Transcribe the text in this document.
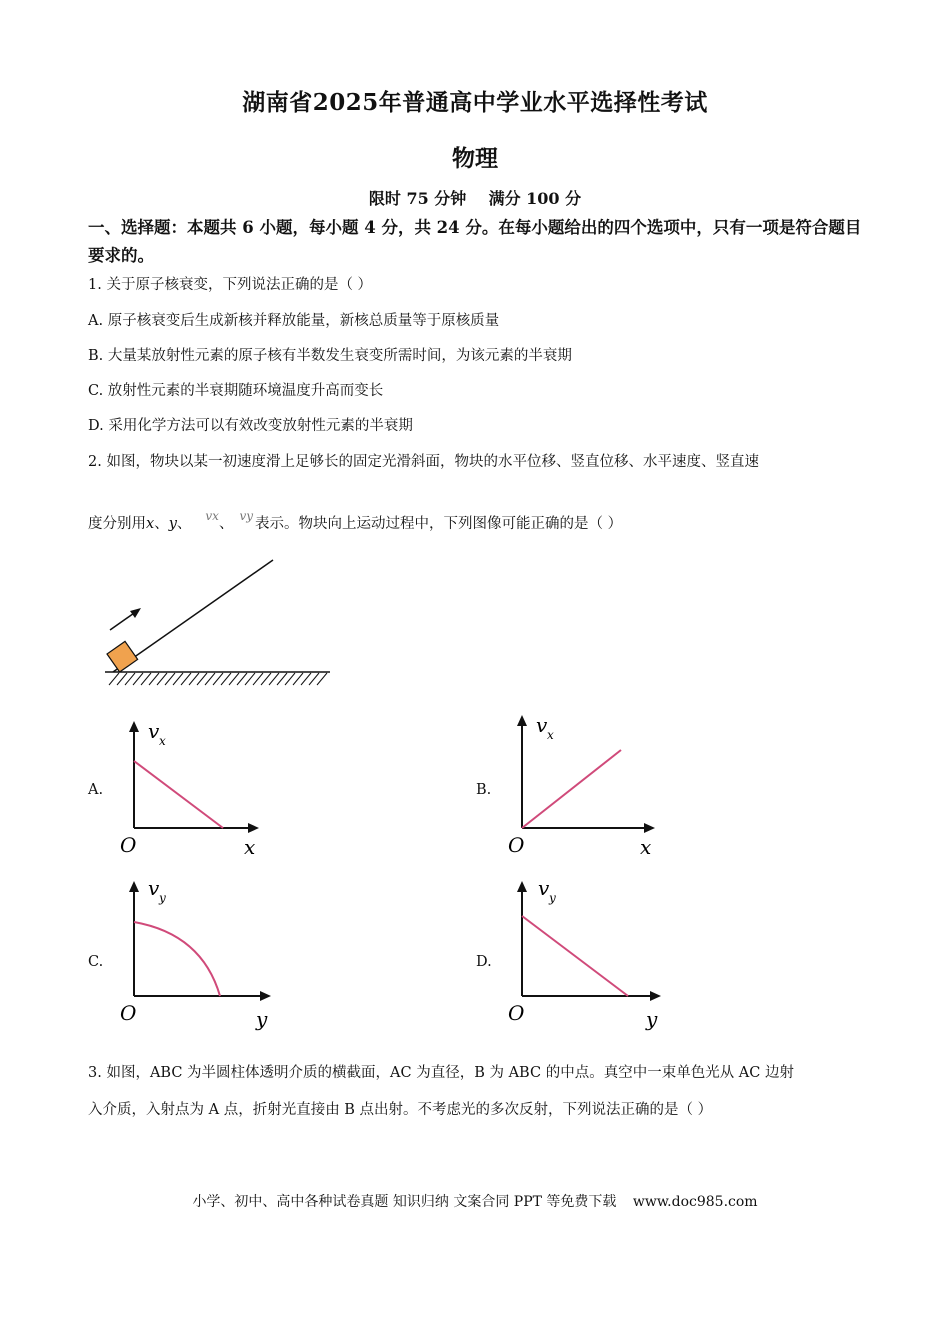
湖南省2025年普通高中学业水平选择性考试
物理
限时 75 分钟    满分 100 分
一、选择题：本题共 6 小题，每小题 4 分，共 24 分。在每小题给出的四个选项中，只有一项是符合题目要求的。
1. 关于原子核衰变，下列说法正确的是（ ）
A. 原子核衰变后生成新核并释放能量，新核总质量等于原核质量
B. 大量某放射性元素的原子核有半数发生衰变所需时间，为该元素的半衰期
C. 放射性元素的半衰期随环境温度升高而变长
D. 采用化学方法可以有效改变放射性元素的半衰期
2. 如图，物块以某一初速度滑上足够长的固定光滑斜面，物块的水平位移、竖直位移、水平速度、竖直速
度分别用x、y、 $^{vx}$、 $^{vy}$ 表示。物块向上运动过程中，下列图像可能正确的是（ ）
A.
v x
O	x
B.
v x
O	x
C.
v y
O	y
D.
v y
O	y
3. 如图，ABC 为半圆柱体透明介质的横截面，AC 为直径，B 为 ABC 的中点。真空中一束单色光从 AC 边射
入介质，入射点为 A 点，折射光直接由 B 点出射。不考虑光的多次反射，下列说法正确的是（ ）
小学、初中、高中各种试卷真题 知识归纳 文案合同 PPT 等免费下载 www.doc985.com
